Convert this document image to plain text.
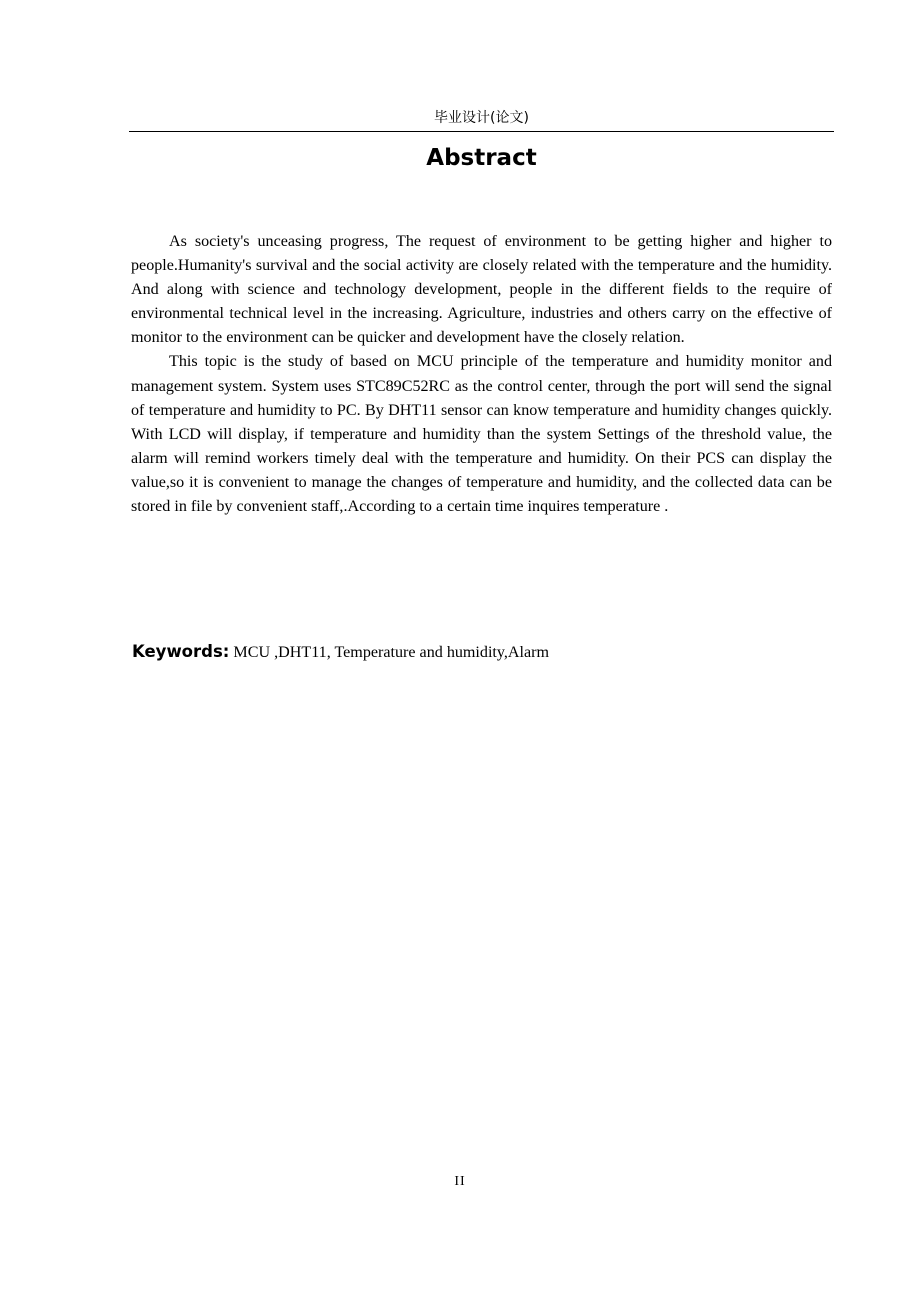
毕业设计(论文)
Abstract

As society's unceasing progress, The request of environment to be getting higher and higher to people.Humanity's survival and the social activity are closely related with the temperature and the humidity. And along with science and technology development, people in the different fields to the require of environmental technical level in the increasing. Agriculture, industries and others carry on the effective of monitor to the environment can be quicker and development have the closely relation.

This topic is the study of based on MCU principle of the temperature and humidity monitor and management system. System uses STC89C52RC as the control center, through the port will send the signal of temperature and humidity to PC. By DHT11 sensor can know temperature and humidity changes quickly. With LCD will display, if temperature and humidity than the system Settings of the threshold value, the alarm will remind workers timely deal with the temperature and humidity. On their PCS can display the value,so it is convenient to manage the changes of temperature and humidity, and the collected data can be stored in file by convenient staff,.According to a certain time inquires temperature .

Keywords: MCU ,DHT11, Temperature and humidity,Alarm
II
